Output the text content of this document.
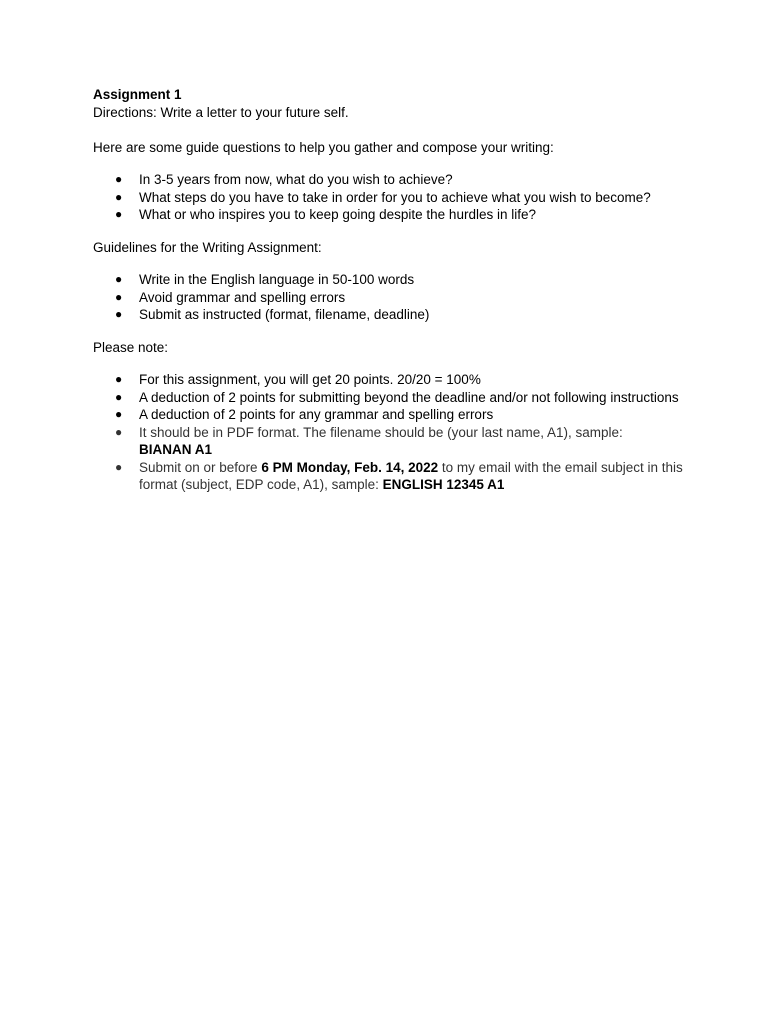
Assignment 1

Directions: Write a letter to your future self.

Here are some guide questions to help you gather and compose your writing:

● In 3-5 years from now, what do you wish to achieve?
● What steps do you have to take in order for you to achieve what you wish to become?
● What or who inspires you to keep going despite the hurdles in life?

Guidelines for the Writing Assignment:

● Write in the English language in 50-100 words
● Avoid grammar and spelling errors
● Submit as instructed (format, filename, deadline)

Please note:

● For this assignment, you will get 20 points. 20/20 = 100%
● A deduction of 2 points for submitting beyond the deadline and/or not following instructions
● A deduction of 2 points for any grammar and spelling errors
● It should be in PDF format. The filename should be (your last name, A1), sample:
BIANAN A1
● Submit on or before 6 PM Monday, Feb. 14, 2022 to my email with the email subject in this format (subject, EDP code, A1), sample: ENGLISH 12345 A1
